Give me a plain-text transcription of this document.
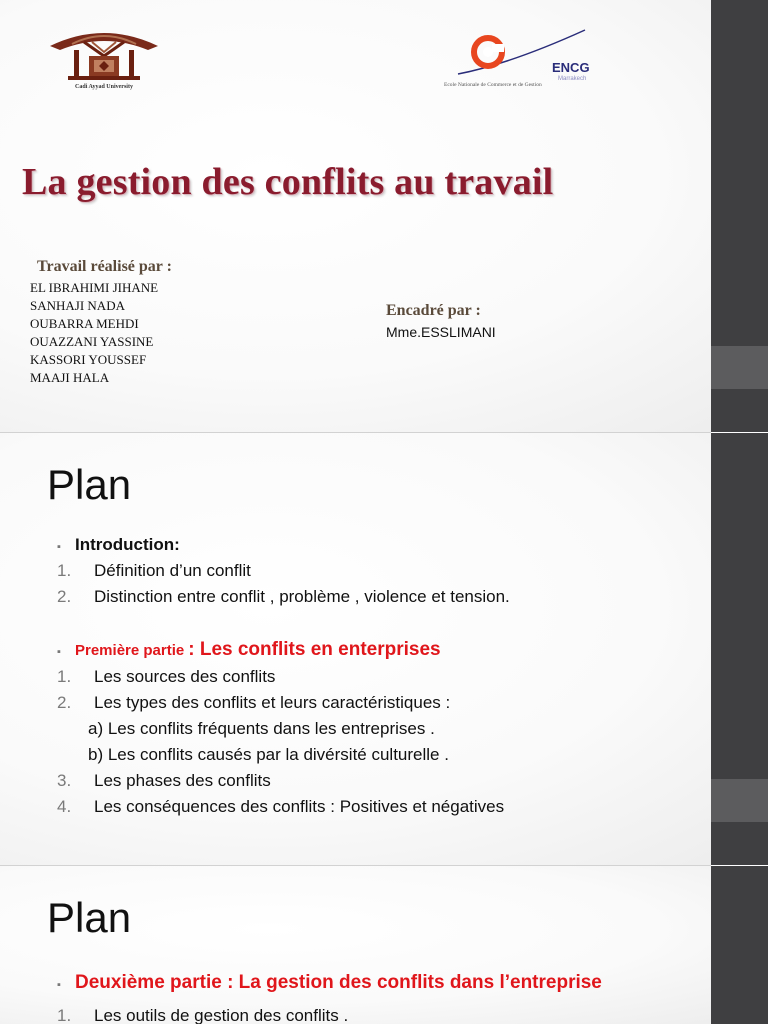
Cadi Ayyad University
ENCG
Marrakech
Ecole Nationale de Commerce et de Gestion
La gestion des conflits au travail
Travail réalisé par :
EL IBRAHIMI JIHANE
SANHAJI NADA
OUBARRA MEHDI
OUAZZANI YASSINE
KASSORI YOUSSEF
MAAJI HALA
Encadré par :
Mme.ESSLIMANI
Plan
▪ Introduction:
1.	Définition d’un conflit
2.	Distinction entre conflit , problème , violence et tension.
▪ Première partie : Les conflits en enterprises
1.	Les sources des conflits
2.	Les types des conflits et leurs caractéristiques :
a) Les conflits fréquents dans les entreprises .
b) Les conflits causés par la divérsité culturelle .
3.	Les phases des conflits
4.	Les conséquences des conflits : Positives et négatives
Plan
▪ Deuxième partie : La gestion des conflits dans l’entreprise
1.	Les outils de gestion des conflits .
